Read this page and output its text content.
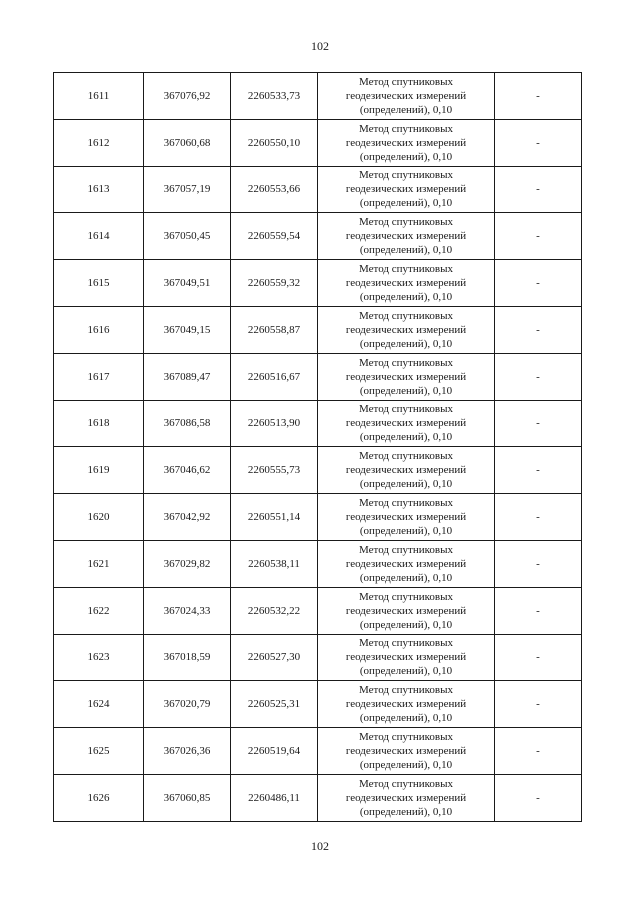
102
1611	367076,92	2260533,73	Метод спутниковых
геодезических измерений
(определений), 0,10	-
1612	367060,68	2260550,10	Метод спутниковых
геодезических измерений
(определений), 0,10	-
1613	367057,19	2260553,66	Метод спутниковых
геодезических измерений
(определений), 0,10	-
1614	367050,45	2260559,54	Метод спутниковых
геодезических измерений
(определений), 0,10	-
1615	367049,51	2260559,32	Метод спутниковых
геодезических измерений
(определений), 0,10	-
1616	367049,15	2260558,87	Метод спутниковых
геодезических измерений
(определений), 0,10	-
1617	367089,47	2260516,67	Метод спутниковых
геодезических измерений
(определений), 0,10	-
1618	367086,58	2260513,90	Метод спутниковых
геодезических измерений
(определений), 0,10	-
1619	367046,62	2260555,73	Метод спутниковых
геодезических измерений
(определений), 0,10	-
1620	367042,92	2260551,14	Метод спутниковых
геодезических измерений
(определений), 0,10	-
1621	367029,82	2260538,11	Метод спутниковых
геодезических измерений
(определений), 0,10	-
1622	367024,33	2260532,22	Метод спутниковых
геодезических измерений
(определений), 0,10	-
1623	367018,59	2260527,30	Метод спутниковых
геодезических измерений
(определений), 0,10	-
1624	367020,79	2260525,31	Метод спутниковых
геодезических измерений
(определений), 0,10	-
1625	367026,36	2260519,64	Метод спутниковых
геодезических измерений
(определений), 0,10	-
1626	367060,85	2260486,11	Метод спутниковых
геодезических измерений
(определений), 0,10	-
102
